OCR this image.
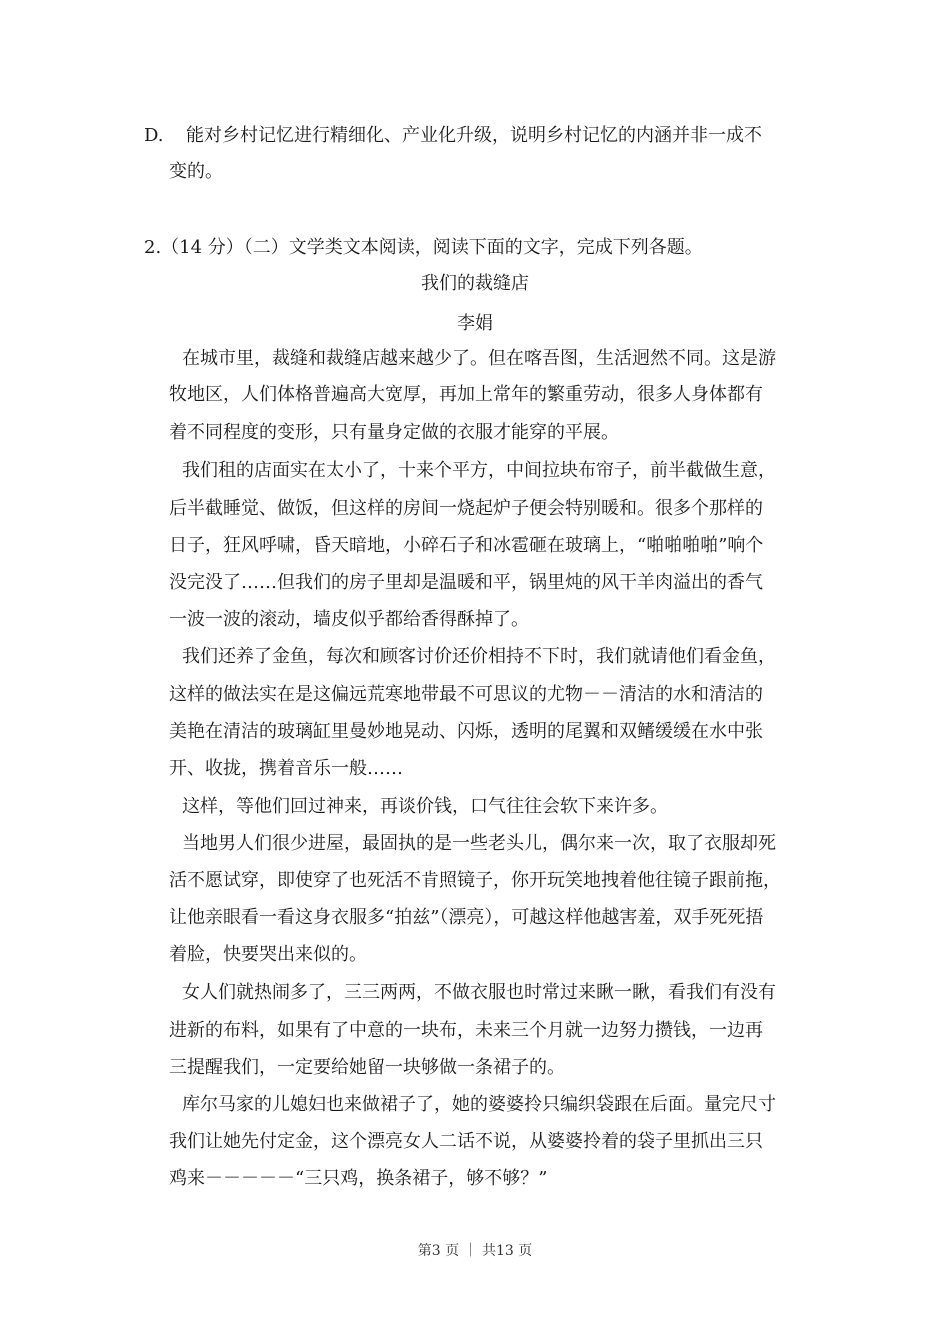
D. 能对乡村记忆进行精细化、产业化升级，说明乡村记忆的内涵并非一成不
变的。
2.（14 分）（二）文学类文本阅读，阅读下面的文字，完成下列各题。
我们的裁缝店
李娟
在城市里，裁缝和裁缝店越来越少了。但在喀吾图，生活迥然不同。这是游
牧地区，人们体格普遍高大宽厚，再加上常年的繁重劳动，很多人身体都有
着不同程度的变形，只有量身定做的衣服才能穿的平展。
我们租的店面实在太小了，十来个平方，中间拉块布帘子，前半截做生意，
后半截睡觉、做饭，但这样的房间一烧起炉子便会特别暖和。很多个那样的
日子，狂风呼啸，昏天暗地，小碎石子和冰雹砸在玻璃上，“啪啪啪啪”响个
没完没了……但我们的房子里却是温暖和平，锅里炖的风干羊肉溢出的香气
一波一波的滚动，墙皮似乎都给香得酥掉了。
我们还养了金鱼，每次和顾客讨价还价相持不下时，我们就请他们看金鱼，
这样的做法实在是这偏远荒寒地带最不可思议的尤物－－清洁的水和清洁的
美艳在清洁的玻璃缸里曼妙地晃动、闪烁，透明的尾翼和双鳍缓缓在水中张
开、收拢，携着音乐一般……
这样，等他们回过神来，再谈价钱，口气往往会软下来许多。
当地男人们很少进屋，最固执的是一些老头儿，偶尔来一次，取了衣服却死
活不愿试穿，即使穿了也死活不肯照镜子，你开玩笑地拽着他往镜子跟前拖，
让他亲眼看一看这身衣服多“拍兹”（漂亮），可越这样他越害羞，双手死死捂
着脸，快要哭出来似的。
女人们就热闹多了，三三两两，不做衣服也时常过来瞅一瞅，看我们有没有
进新的布料，如果有了中意的一块布，未来三个月就一边努力攒钱，一边再
三提醒我们，一定要给她留一块够做一条裙子的。
库尔马家的儿媳妇也来做裙子了，她的婆婆拎只编织袋跟在后面。量完尺寸
我们让她先付定金，这个漂亮女人二话不说，从婆婆拎着的袋子里抓出三只
鸡来－－－－－“三只鸡，换条裙子，够不够？”
第3 页 ｜ 共13 页
